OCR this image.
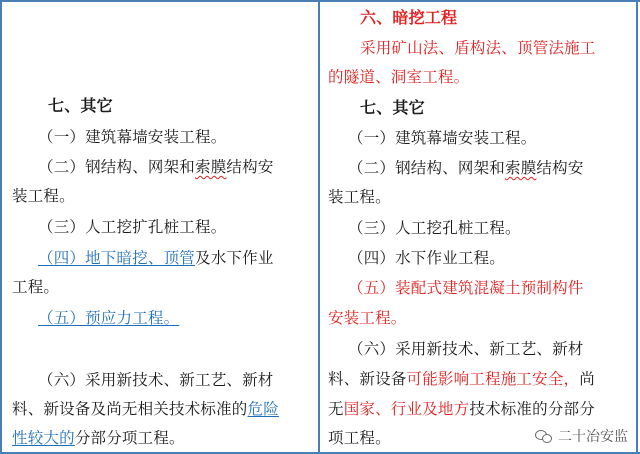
七、其它
（一）建筑幕墙安装工程。
（二）钢结构、网架和索膜结构安
装工程。
（三）人工挖扩孔桩工程。
（四）地下暗挖、顶管及水下作业
工程。
（五）预应力工程。
（六）采用新技术、新工艺、新材
料、新设备及尚无相关技术标准的危险
性较大的分部分项工程。
六、暗挖工程
采用矿山法、盾构法、顶管法施工
的隧道、洞室工程。
七、其它
（一）建筑幕墙安装工程。
（二）钢结构、网架和索膜结构安
装工程。
（三）人工挖孔桩工程。
（四）水下作业工程。
（五）装配式建筑混凝土预制构件
安装工程。
（六）采用新技术、新工艺、新材
料、新设备可能影响工程施工安全，尚
无国家、行业及地方技术标准的分部分
项工程。	二十冶安监
